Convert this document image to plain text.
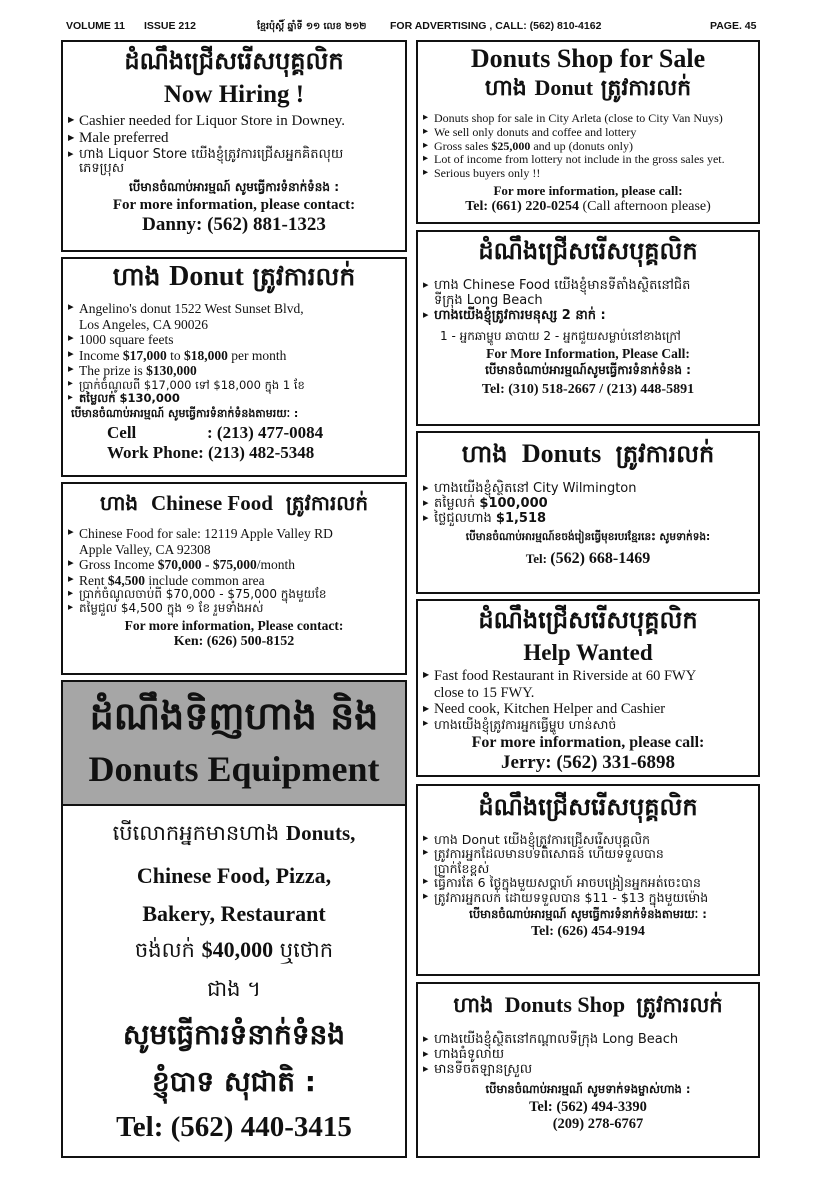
VOLUME 11 ISSUE 212	ខ្មែរប៉ុស្តិ៍ ឆ្នាំទី ១១ លេខ ២១២ FOR ADVERTISING , CALL: (562) 810-4162	PAGE. 45
ដំណឹងជ្រើសរើសបុគ្គលិក
Now Hiring !
▶ Cashier needed for Liquor Store in Downey.
▶ Male preferred
▶ ហាង Liquor Store យើងខ្ញុំត្រូវការជ្រើសអ្នកគិតលុយ
ភេទប្រុស
បើមានចំណាប់អារម្មណ៍ សូមធ្វើការទំនាក់ទំនង :
For more information, please contact:
Danny: (562) 881-1323
Donuts Shop for Sale
ហាង Donut ត្រូវការលក់
▶ Donuts shop for sale in City Arleta (close to City Van Nuys)
▶ We sell only donuts and coffee and lottery
▶ Gross sales $25,000 and up (donuts only)
▶ Lot of income from lottery not include in the gross sales yet.
▶ Serious buyers only !!
For more information, please call:
Tel: (661) 220-0254 (Call afternoon please)
ហាង Donut ត្រូវការលក់
▶ Angelino's donut 1522 West Sunset Blvd,
Los Angeles, CA 90026
▶ 1000 square feets
▶ Income $17,000 to $18,000 per month
▶ The prize is $130,000
▶ ប្រាក់ចំណូលពី $17,000 ទៅ $18,000 ក្នុង 1 ខែ
▶ តម្លៃលក់ $130,000
បើមានចំណាប់អារម្មណ៍ សូមធ្វើការទំនាក់ទំនងតាមរយៈ :
Cell	: (213) 477-0084
Work Phone: (213) 482-5348
ដំណឹងជ្រើសរើសបុគ្គលិក
▶ ហាង Chinese Food យើងខ្ញុំមានទីតាំងស្ថិតនៅជិត
ទីក្រុង Long Beach
▶ ហាងយើងខ្ញុំត្រូវការមនុស្ស 2 នាក់ :
1 - អ្នកឆាម្ហូប ឆាបាយ 2 - អ្នកជួយសម្លាប់នៅខាងក្រៅ
For More Information, Please Call:
បើមានចំណាប់អារម្មណ៍សូមធ្វើការទំនាក់ទំនង :
Tel: (310) 518-2667 / (213) 448-5891
ហាង Chinese Food ត្រូវការលក់
▶ Chinese Food for sale: 12119 Apple Valley RD
Apple Valley, CA 92308
▶ Gross Income $70,000 - $75,000/month
▶ Rent $4,500 include common area
▶ ប្រាក់ចំណូលចាប់ពី $70,000 - $75,000 ក្នុងមួយខែ
▶ តម្លៃជួល $4,500 ក្នុង ១ ខែ រួមទាំងអស់
For more information, Please contact:
Ken: (626) 500-8152
ហាង Donuts ត្រូវការលក់
▶ ហាងយើងខ្ញុំស្ថិតនៅ City Wilmington
▶ តម្លៃលក់ $100,000
▶ ថ្លៃជួលហាង $1,518
បើមានចំណាប់អារម្មណ៍ខចង់រៀនធ្វើមុខរបរខ្មែរនេះ សូមទាក់ទង:
Tel: (562) 668-1469
ដំណឹងទិញហាង និង
Donuts Equipment
បើលោកអ្នកមានហាង Donuts,
Chinese Food, Pizza,
Bakery, Restaurant
ចង់លក់ $40,000 ឬថោក
ជាង ។
សូមធ្វើការទំនាក់ទំនង
ខ្ញុំបាទ សុជាតិ :
Tel: (562) 440-3415
ដំណឹងជ្រើសរើសបុគ្គលិក
Help Wanted
▶ Fast food Restaurant in Riverside at 60 FWY
close to 15 FWY.
▶ Need cook, Kitchen Helper and Cashier
▶ ហាងយើងខ្ញុំត្រូវការអ្នកធ្វើម្ហូប ហាន់សាច់
For more information, please call:
Jerry: (562) 331-6898
ដំណឹងជ្រើសរើសបុគ្គលិក
▶ ហាង Donut យើងខ្ញុំត្រូវការជ្រើសរើសបុគ្គលិក
▶ ត្រូវការអ្នកដែលមានបទពិសោធន៍ ហើយទទួលបាន
ប្រាក់ខែខ្ពស់
▶ ធ្វើការតែ 6 ថ្ងៃក្នុងមួយសប្តាហ៍ អាចបង្រៀនអ្នកអត់ចេះបាន
▶ ត្រូវការអ្នកលក់ ដោយទទួលបាន $11 - $13 ក្នុងមួយម៉ោង
បើមានចំណាប់អារម្មណ៍ សូមធ្វើការទំនាក់ទំនងតាមរយៈ :
Tel: (626) 454-9194
ហាង Donuts Shop ត្រូវការលក់
▶ ហាងយើងខ្ញុំស្ថិតនៅកណ្តាលទីក្រុង Long Beach
▶ ហាងធំទូលាយ
▶ មានទីចតឡានស្រួល
បើមានចំណាប់អារម្មណ៍ សូមទាក់ទងម្ចាស់ហាង :
Tel: (562) 494-3390
(209) 278-6767
